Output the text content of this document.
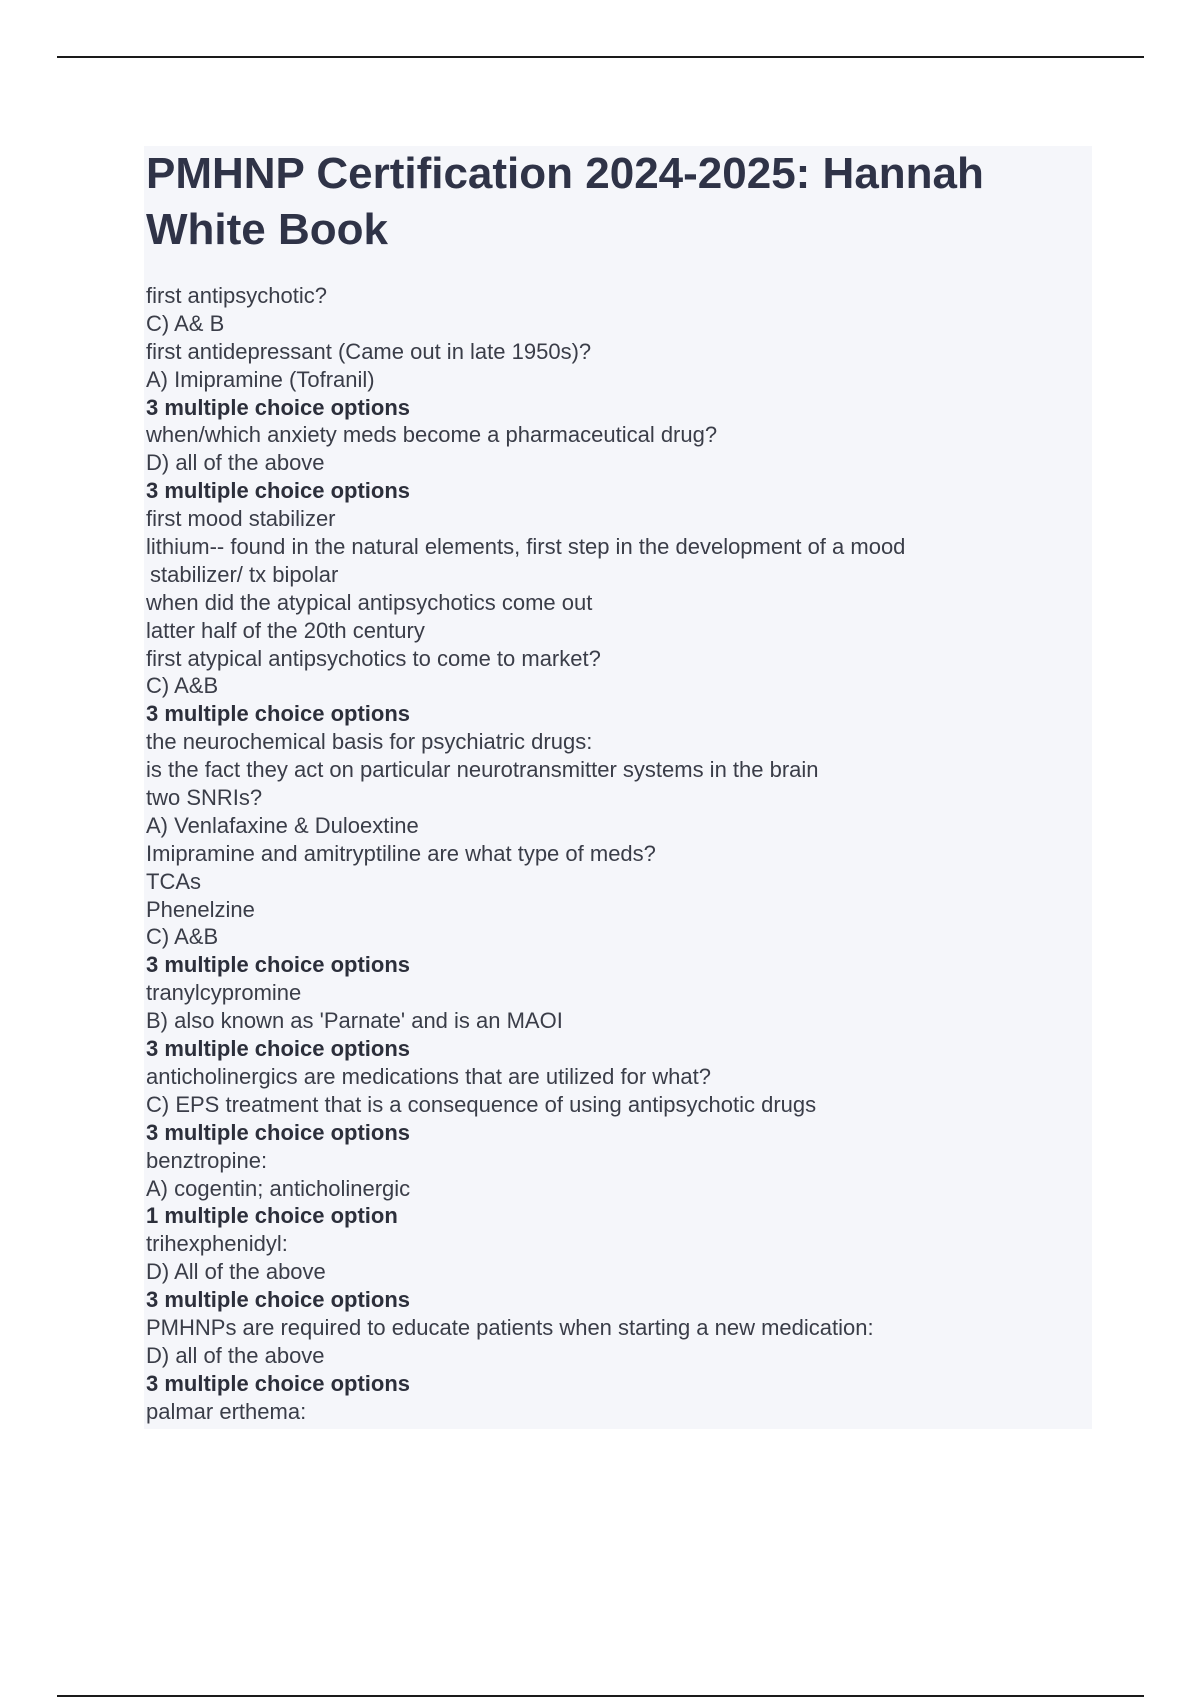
PMHNP Certification 2024-2025: Hannah White Book
first antipsychotic?
C) A& B
first antidepressant (Came out in late 1950s)?
A) Imipramine (Tofranil)
3 multiple choice options
when/which anxiety meds become a pharmaceutical drug?
D) all of the above
3 multiple choice options
first mood stabilizer
lithium-- found in the natural elements, first step in the development of a mood
stabilizer/ tx bipolar
when did the atypical antipsychotics come out
latter half of the 20th century
first atypical antipsychotics to come to market?
C) A&B
3 multiple choice options
the neurochemical basis for psychiatric drugs:
is the fact they act on particular neurotransmitter systems in the brain
two SNRIs?
A) Venlafaxine & Duloextine
Imipramine and amitryptiline are what type of meds?
TCAs
Phenelzine
C) A&B
3 multiple choice options
tranylcypromine
B) also known as 'Parnate' and is an MAOI
3 multiple choice options
anticholinergics are medications that are utilized for what?
C) EPS treatment that is a consequence of using antipsychotic drugs
3 multiple choice options
benztropine:
A) cogentin; anticholinergic
1 multiple choice option
trihexphenidyl:
D) All of the above
3 multiple choice options
PMHNPs are required to educate patients when starting a new medication:
D) all of the above
3 multiple choice options
palmar erthema:
